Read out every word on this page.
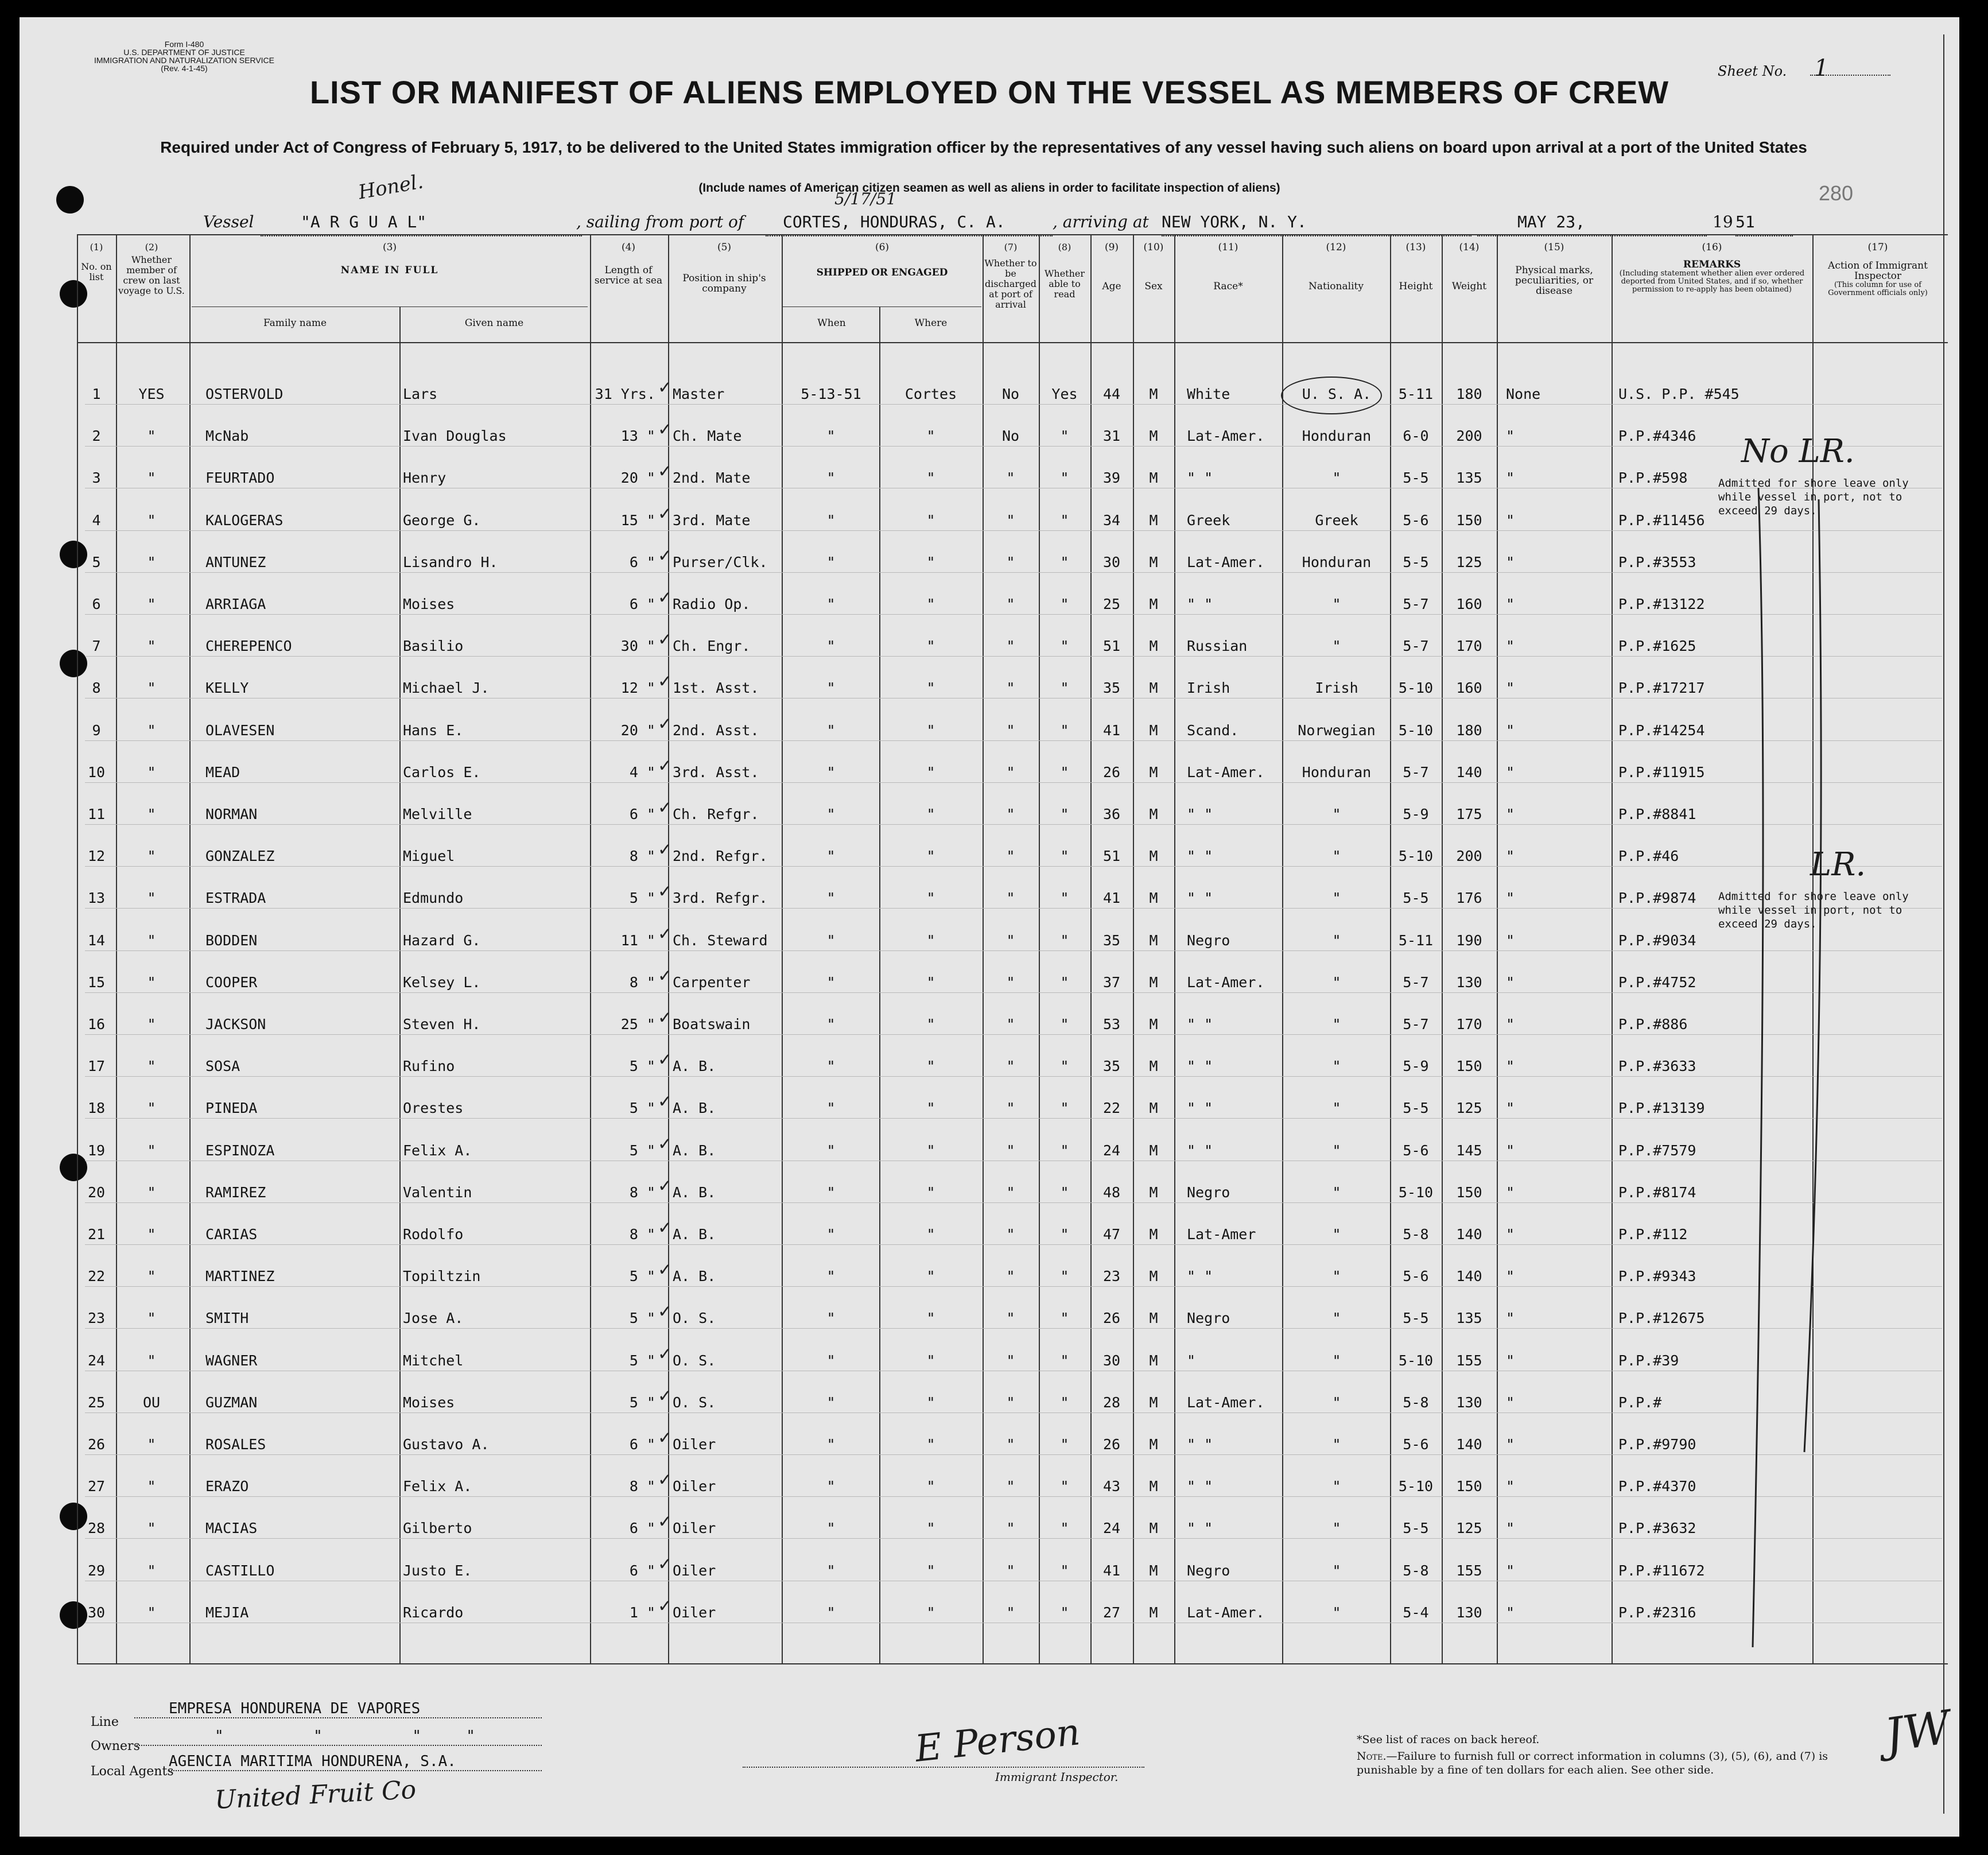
Form I-480
U.S. DEPARTMENT OF JUSTICE
IMMIGRATION AND NATURALIZATION SERVICE
(Rev. 4-1-45)	Sheet No. 1
LIST OR MANIFEST OF ALIENS EMPLOYED ON THE VESSEL AS MEMBERS OF CREW
Required under Act of Congress of February 5, 1917, to be delivered to the United States immigration officer by the representatives of any vessel having such aliens on board upon arrival at a port of the United States
(Include names of American citizen seamen as well as aliens in order to facilitate inspection of aliens)	280
Vessel	"A R G U A L"
Honel.
, sailing from port of	CORTES, HONDURAS, C. A.
5/17/51
, arriving at NEW YORK, N. Y.	MAY 23,	19 51
(1)
No. on list
(2)
Whether member of crew on last voyage to U.S.
(3)
NAME IN FULL
Family name	Given name
(4)
Length of service at sea
(5)
Position in ship's company
(6)
SHIPPED OR ENGAGED
When	Where
(7)
Whether to be discharged at port of arrival
(8)
Whether able to read
(9)
Age
(10)
Sex
(11)
Race*
(12)
Nationality
(13)
Height
(14)
Weight
(15)
Physical marks, peculiarities, or disease
(16)
REMARKS
(Including statement whether alien ever ordered deported from United States, and if so, whether permission to re-apply has been obtained)
(17)
Action of Immigrant Inspector
(This column for use of Government officials only)
1	YES	OSTERVOLD	Lars	31 Yrs. Master	5-13-51	Cortes	No	Yes	44	M	White	U. S. A.	5-11	180	None	U.S. P.P. #545
2	"	McNab	Ivan Douglas	13 " Ch. Mate	"	"	No	"	31	M	Lat-Amer.	Honduran	6-0	200	"	P.P.#4346
3	"	FEURTADO	Henry	20 " 2nd. Mate	"	"	"	"	39	M	" "	"	5-5	135	"	P.P.#598
4	"	KALOGERAS	George G.	15 " 3rd. Mate	"	"	"	"	34	M	Greek	Greek	5-6	150	"	P.P.#11456
5	"	ANTUNEZ	Lisandro H.	6 " Purser/Clk.	"	"	"	"	30	M	Lat-Amer.	Honduran	5-5	125	"	P.P.#3553
6	"	ARRIAGA	Moises	6 " Radio Op.	"	"	"	"	25	M	" "	"	5-7	160	"	P.P.#13122
7	"	CHEREPENCO	Basilio	30 " Ch. Engr.	"	"	"	"	51	M	Russian	"	5-7	170	"	P.P.#1625
8	"	KELLY	Michael J.	12 " 1st. Asst.	"	"	"	"	35	M	Irish	Irish	5-10	160	"	P.P.#17217
9	"	OLAVESEN	Hans E.	20 " 2nd. Asst.	"	"	"	"	41	M	Scand.	Norwegian	5-10	180	"	P.P.#14254
10	"	MEAD	Carlos E.	4 " 3rd. Asst.	"	"	"	"	26	M	Lat-Amer.	Honduran	5-7	140	"	P.P.#11915
11	"	NORMAN	Melville	6 " Ch. Refgr.	"	"	"	"	36	M	" "	"	5-9	175	"	P.P.#8841
12	"	GONZALEZ	Miguel	8 " 2nd. Refgr.	"	"	"	"	51	M	" "	"	5-10	200	"	P.P.#46
13	"	ESTRADA	Edmundo	5 " 3rd. Refgr.	"	"	"	"	41	M	" "	"	5-5	176	"	P.P.#9874
14	"	BODDEN	Hazard G.	11 " Ch. Steward	"	"	"	"	35	M	Negro	"	5-11	190	"	P.P.#9034
15	"	COOPER	Kelsey L.	8 " Carpenter	"	"	"	"	37	M	Lat-Amer.	"	5-7	130	"	P.P.#4752
16	"	JACKSON	Steven H.	25 " Boatswain	"	"	"	"	53	M	" "	"	5-7	170	"	P.P.#886
17	"	SOSA	Rufino	5 " A. B.	"	"	"	"	35	M	" "	"	5-9	150	"	P.P.#3633
18	"	PINEDA	Orestes	5 " A. B.	"	"	"	"	22	M	" "	"	5-5	125	"	P.P.#13139
19	"	ESPINOZA	Felix A.	5 " A. B.	"	"	"	"	24	M	" "	"	5-6	145	"	P.P.#7579
20	"	RAMIREZ	Valentin	8 " A. B.	"	"	"	"	48	M	Negro	"	5-10	150	"	P.P.#8174
21	"	CARIAS	Rodolfo	8 " A. B.	"	"	"	"	47	M	Lat-Amer	"	5-8	140	"	P.P.#112
22	"	MARTINEZ	Topiltzin	5 " A. B.	"	"	"	"	23	M	" "	"	5-6	140	"	P.P.#9343
23	"	SMITH	Jose A.	5 " O. S.	"	"	"	"	26	M	Negro	"	5-5	135	"	P.P.#12675
24	"	WAGNER	Mitchel	5 " O. S.	"	"	"	"	30	M	"	"	5-10	155	"	P.P.#39
25	OU	GUZMAN	Moises	5 " O. S.	"	"	"	"	28	M	Lat-Amer.	"	5-8	130	"	P.P.#
26	"	ROSALES	Gustavo A.	6 " Oiler	"	"	"	"	26	M	" "	"	5-6	140	"	P.P.#9790
27	"	ERAZO	Felix A.	8 " Oiler	"	"	"	"	43	M	" "	"	5-10	150	"	P.P.#4370
28	"	MACIAS	Gilberto	6 " Oiler	"	"	"	"	24	M	" "	"	5-5	125	"	P.P.#3632
29	"	CASTILLO	Justo E.	6 " Oiler	"	"	"	"	41	M	Negro	"	5-8	155	"	P.P.#11672
30	"	MEJIA	Ricardo	1 " Oiler	"	"	"	"	27	M	Lat-Amer.	"	5-4	130	"	P.P.#2316
No LR.
Admitted for shore leave only while vessel in port, not to exceed 29 days.
LR.
Admitted for shore leave only while vessel in port, not to exceed 29 days.
✓
✓
✓
✓
✓
✓
✓
✓
✓
✓
✓
✓
✓
✓
✓
✓
✓
✓
✓
✓
✓
✓
✓
✓
✓
✓
✓
✓
✓
✓
Line
EMPRESA HONDURENA DE VAPORES
Owners
"          "          "     "
Local Agents
AGENCIA MARITIMA HONDURENA, S.A.
United Fruit Co
E Person
Immigrant Inspector.
*See list of races on back hereof.
Note.—Failure to furnish full or correct information in columns (3), (5), (6), and (7) is punishable by a fine of ten dollars for each alien. See other side.
JW
